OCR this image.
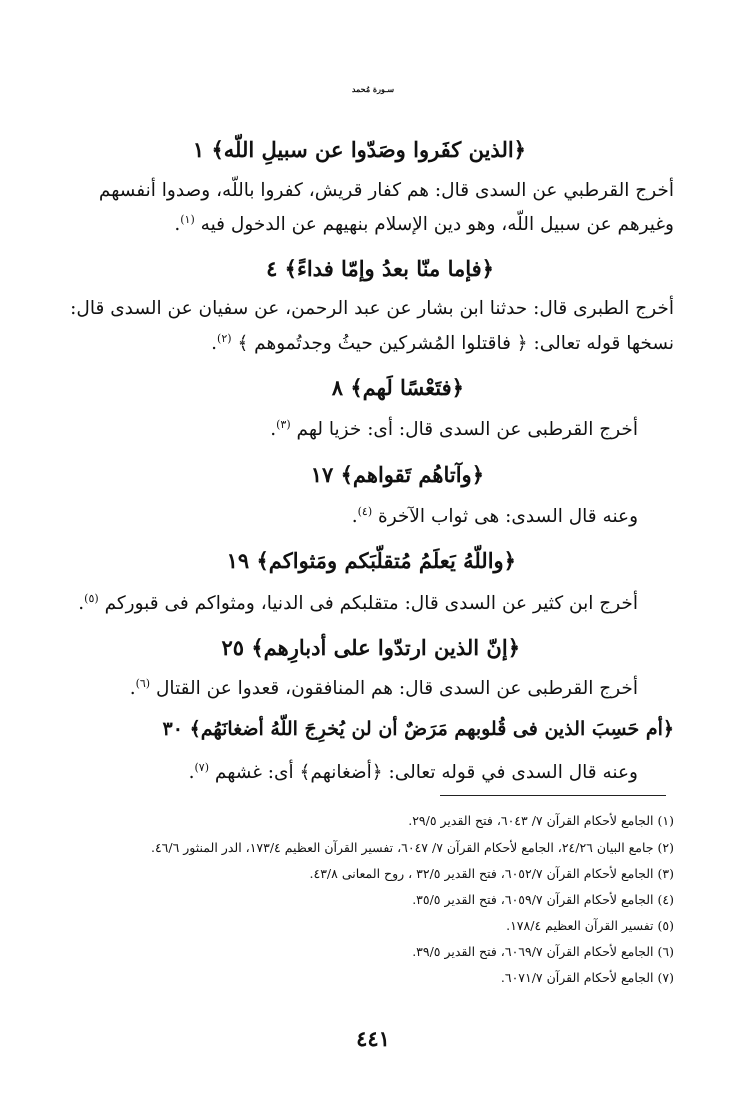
سـورة مُحمد
﴿الذين كفَروا وصَدّوا عن سبيلِ اللّه﴾ ١
أخرج القرطبي عن السدى قال: هم كفار قريش، كفروا باللّه، وصدوا أنفسهم
وغيرهم عن سبيل اللّه، وهو دين الإسلام بنهيهم عن الدخول فيه $^{(١)}$.
﴿فإما منّا بعدُ وإمّا فداءً﴾ ٤
أخرج الطبرى قال: حدثنا ابن بشار عن عبد الرحمن، عن سفيان عن السدى قال:
نسخها قوله تعالى: ﴿ فاقتلوا المُشركين حيثُ وجدتُموهم ﴾ $^{(٢)}$.
﴿فتَعْسًا لَهم﴾ ٨
أخرج القرطبى عن السدى قال: أى: خزيا لهم $^{(٣)}$.
﴿وآتاهُم تَقواهم﴾ ١٧
وعنه قال السدى: هى ثواب الآخرة $^{(٤)}$.
﴿واللّهُ يَعلَمُ مُتقلّبَكم ومَثواكم﴾ ١٩
أخرج ابن كثير عن السدى قال: متقلبكم فى الدنيا، ومثواكم فى قبوركم $^{(٥)}$.
﴿إنّ الذين ارتدّوا على أدبارِهم﴾ ٢٥
أخرج القرطبى عن السدى قال: هم المنافقون، قعدوا عن القتال $^{(٦)}$.
﴿أم حَسِبَ الذين فى قُلوبهم مَرَضٌ أن لن يُخرِجَ اللّهُ أضغانَهُم﴾ ٣٠
وعنه قال السدى في قوله تعالى: ﴿أضغانهم﴾ أى: غشهم $^{(٧)}$.
(١) الجامع لأحكام القرآن ٧/ ٦٠٤٣، فتح القدير ٢٩/٥.
(٢) جامع البيان ٢٤/٢٦، الجامع لأحكام القرآن ٧/ ٦٠٤٧، تفسير القرآن العظيم ١٧٣/٤، الدر المنثور ٤٦/٦.
(٣) الجامع لأحكام القرآن ٦٠٥٢/٧، فتح القدير ٣٢/٥ ، روح المعانى ٤٣/٨.
(٤) الجامع لأحكام القرآن ٦٠٥٩/٧، فتح القدير ٣٥/٥.
(٥) تفسير القرآن العظيم ١٧٨/٤.
(٦) الجامع لأحكام القرآن ٦٠٦٩/٧، فتح القدير ٣٩/٥.
(٧) الجامع لأحكام القرآن ٦٠٧١/٧.
٤٤١
